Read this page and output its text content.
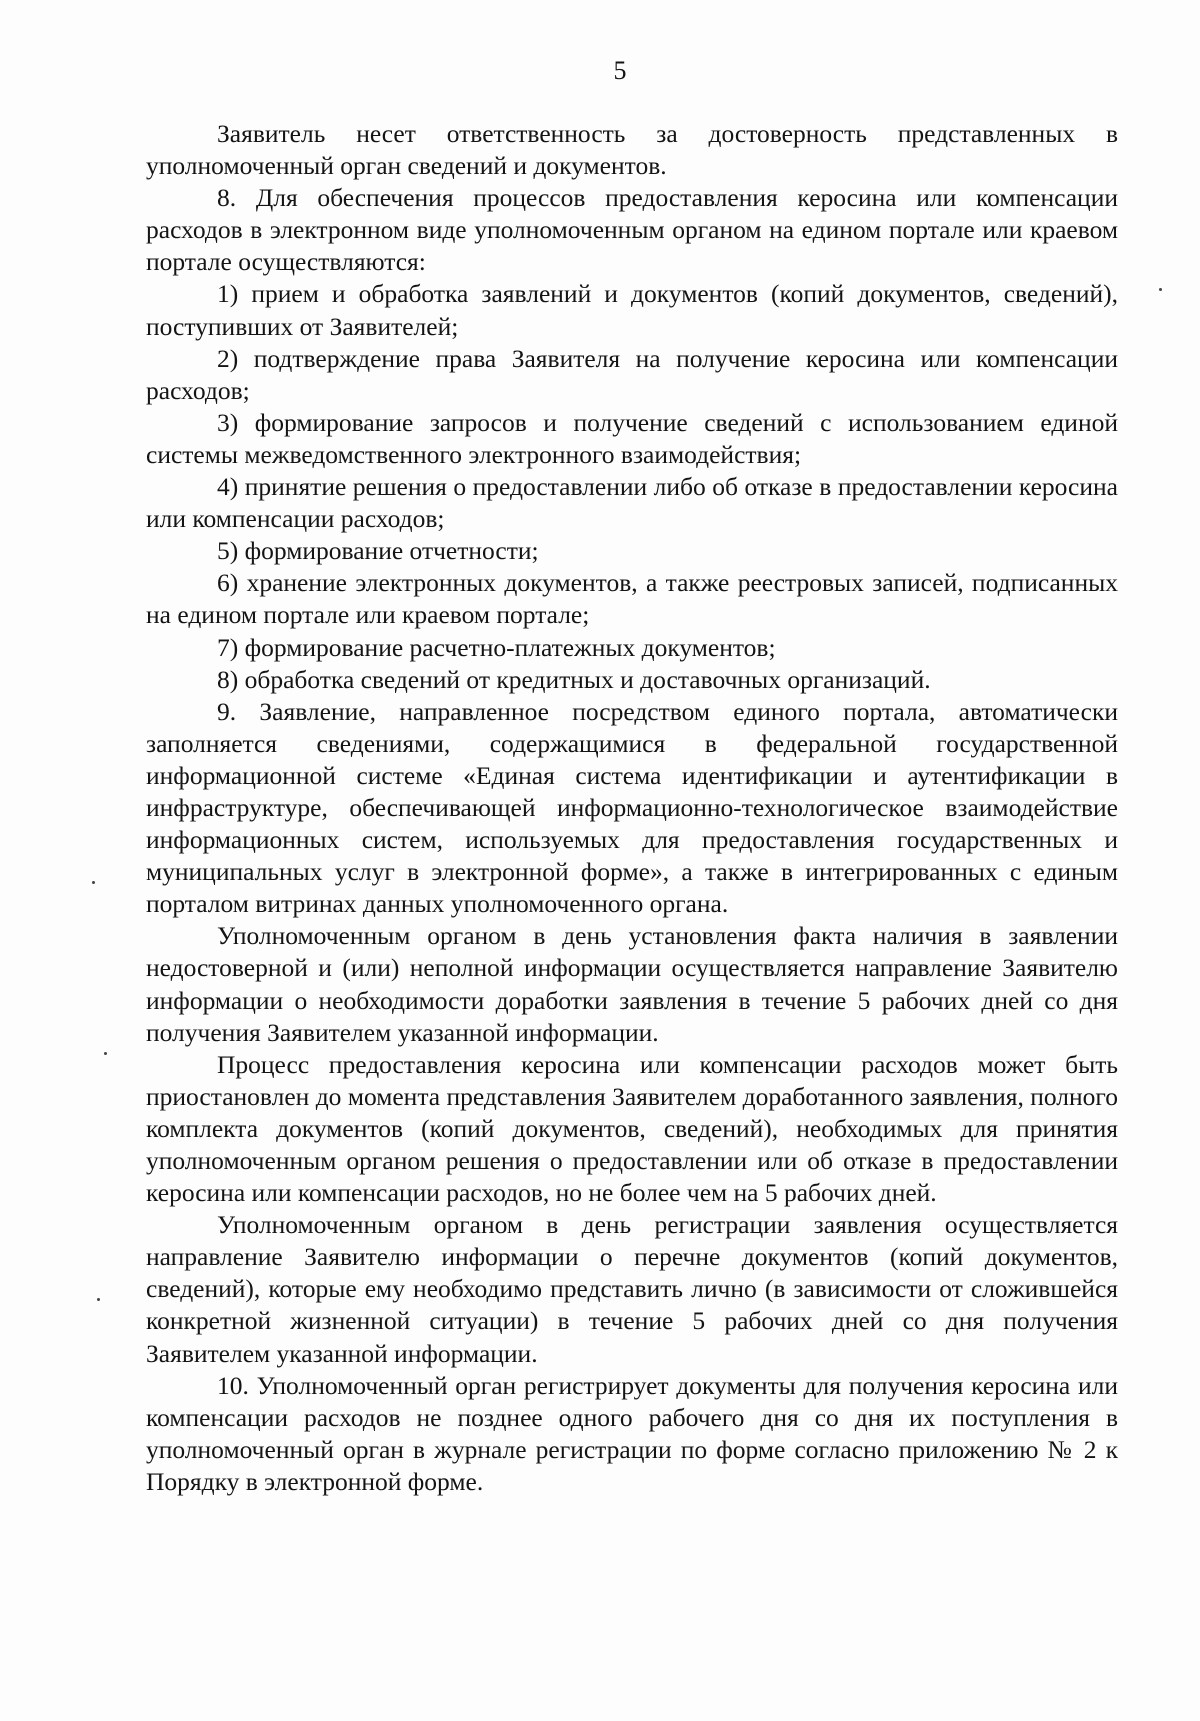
5

Заявитель несет ответственность за достоверность представленных в уполномоченный орган сведений и документов.

8. Для обеспечения процессов предоставления керосина или компенсации расходов в электронном виде уполномоченным органом на едином портале или краевом портале осуществляются:

1) прием и обработка заявлений и документов (копий документов, сведений), поступивших от Заявителей;

2) подтверждение права Заявителя на получение керосина или компенсации расходов;

3) формирование запросов и получение сведений с использованием единой системы межведомственного электронного взаимодействия;

4) принятие решения о предоставлении либо об отказе в предоставлении керосина или компенсации расходов;

5) формирование отчетности;

6) хранение электронных документов, а также реестровых записей, подписанных на едином портале или краевом портале;

7) формирование расчетно-платежных документов;

8) обработка сведений от кредитных и доставочных организаций.

9. Заявление, направленное посредством единого портала, автоматически заполняется сведениями, содержащимися в федеральной государственной информационной системе «Единая система идентификации и аутентификации в инфраструктуре, обеспечивающей информационно-технологическое взаимодействие информационных систем, используемых для предоставления государственных и муниципальных услуг в электронной форме», а также в интегрированных с единым порталом витринах данных уполномоченного органа.

Уполномоченным органом в день установления факта наличия в заявлении недостоверной и (или) неполной информации осуществляется направление Заявителю информации о необходимости доработки заявления в течение 5 рабочих дней со дня получения Заявителем указанной информации.

Процесс предоставления керосина или компенсации расходов может быть приостановлен до момента представления Заявителем доработанного заявления, полного комплекта документов (копий документов, сведений), необходимых для принятия уполномоченным органом решения о предоставлении или об отказе в предоставлении керосина или компенсации расходов, но не более чем на 5 рабочих дней.

Уполномоченным органом в день регистрации заявления осуществляется направление Заявителю информации о перечне документов (копий документов, сведений), которые ему необходимо представить лично (в зависимости от сложившейся конкретной жизненной ситуации) в течение 5 рабочих дней со дня получения Заявителем указанной информации.

10. Уполномоченный орган регистрирует документы для получения керосина или компенсации расходов не позднее одного рабочего дня со дня их поступления в уполномоченный орган в журнале регистрации по форме согласно приложению № 2 к Порядку в электронной форме.
